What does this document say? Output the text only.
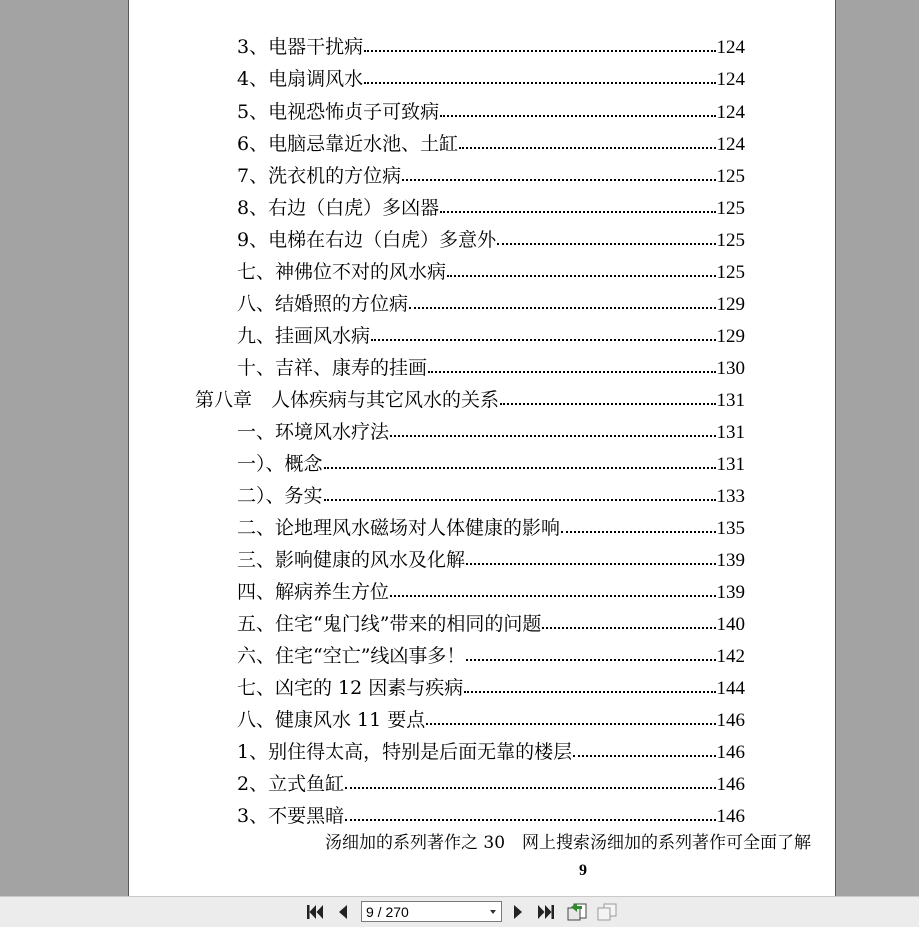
3、电器干扰病	124
4、电扇调风水	124
5、电视恐怖贞子可致病	124
6、电脑忌靠近水池、土缸	124
7、洗衣机的方位病	125
8、右边（白虎）多凶器	125
9、电梯在右边（白虎）多意外	125
七、神佛位不对的风水病	125
八、结婚照的方位病	129
九、挂画风水病	129
十、吉祥、康寿的挂画	130
第八章　人体疾病与其它风水的关系	131
一、环境风水疗法	131
一）、概念	131
二）、务实	133
二、论地理风水磁场对人体健康的影响	135
三、影响健康的风水及化解	139
四、解病养生方位	139
五、住宅“鬼门线”带来的相同的问题	140
六、住宅“空亡”线凶事多！	142
七、凶宅的 12 因素与疾病	144
八、健康风水 11 要点	146
1、别住得太高，特别是后面无靠的楼层	146
2、立式鱼缸	146
3、不要黑暗	146
汤细加的系列著作之 30　网上搜索汤细加的系列著作可全面了解
9
9 / 270
